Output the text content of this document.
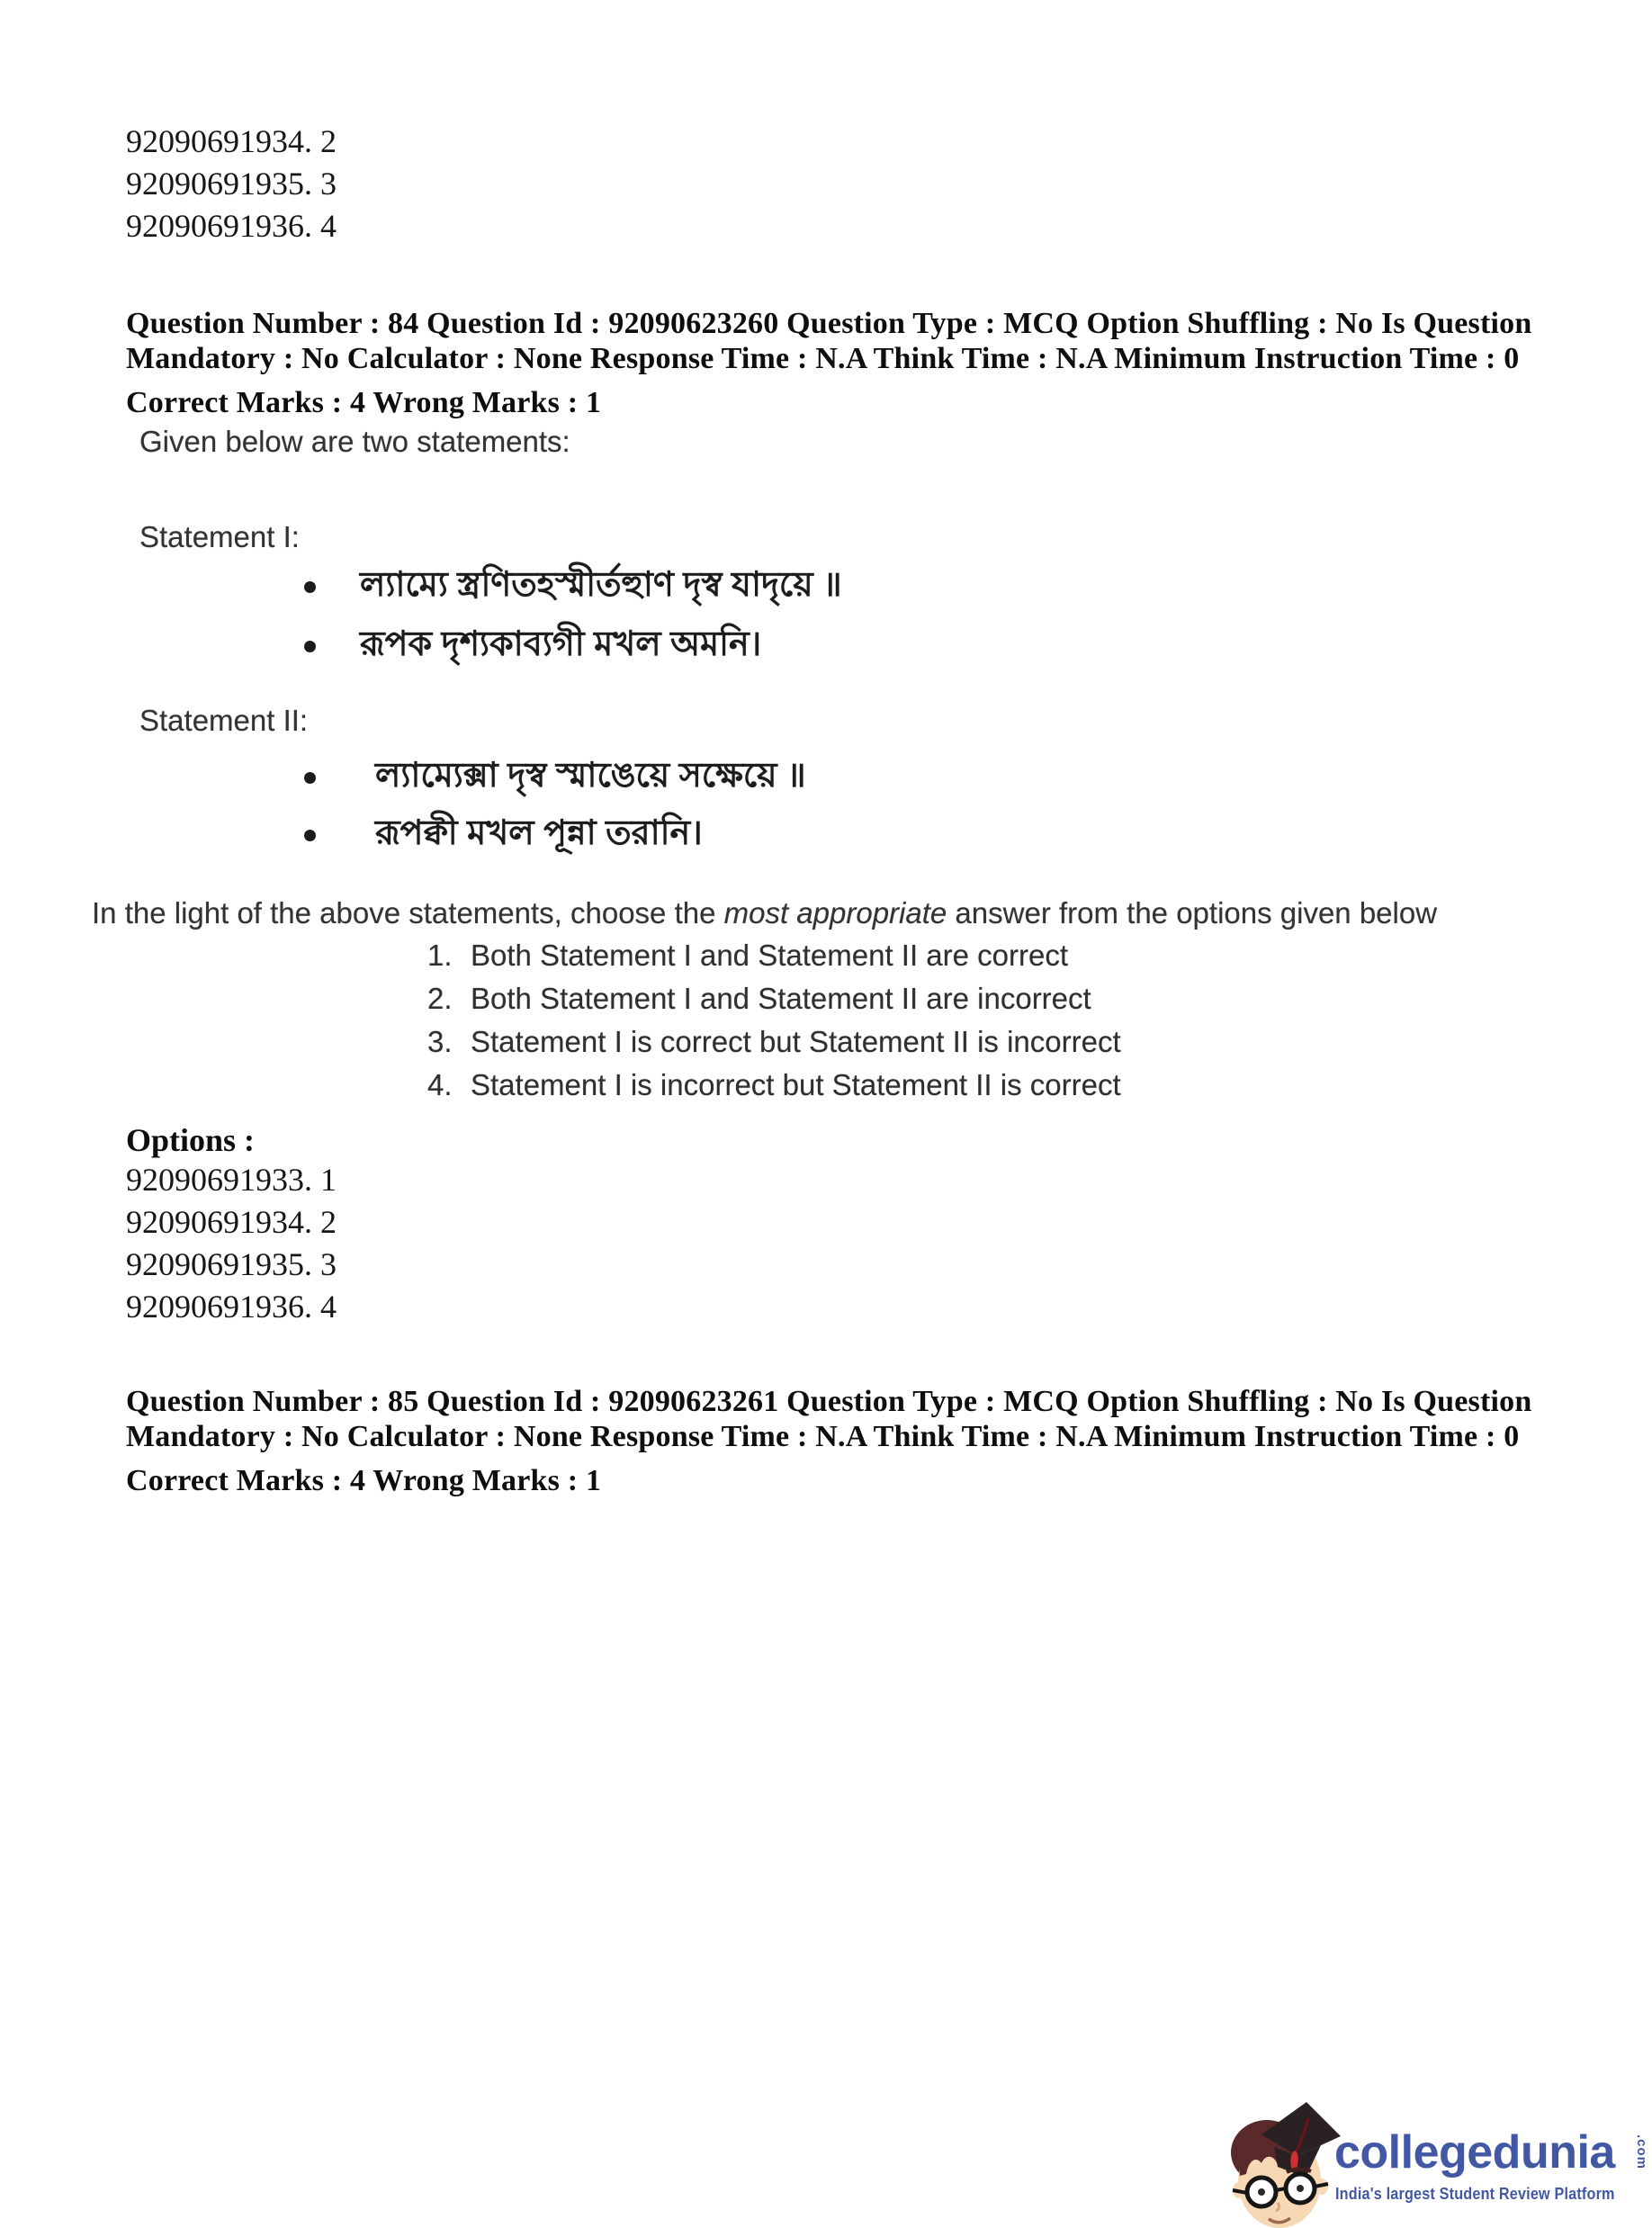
92090691934. 2
92090691935. 3
92090691936. 4
Question Number : 84 Question Id : 92090623260 Question Type : MCQ Option Shuffling : No Is Question
Mandatory : No Calculator : None Response Time : N.A Think Time : N.A Minimum Instruction Time : 0
Correct Marks : 4 Wrong Marks : 1
Given below are two statements:
Statement I:
ল্যাম্যে স্ত্রণিতহস্মীর্তহুাণ দৃস্ব যাদৃয়ে ॥
রূপক দৃশ্যকাব্যগী মখল অমনি।
Statement II:
ল্যাম্যেক্সা দৃস্ব স্মাঙেয়ে সক্ষেয়ে ॥
রূপক্বী মখল পূন্না তরানি।
In the light of the above statements, choose the most appropriate answer from the options given below
1. Both Statement I and Statement II are correct
2. Both Statement I and Statement II are incorrect
3. Statement I is correct but Statement II is incorrect
4. Statement I is incorrect but Statement II is correct
Options :
92090691933. 1
92090691934. 2
92090691935. 3
92090691936. 4
Question Number : 85 Question Id : 92090623261 Question Type : MCQ Option Shuffling : No Is Question
Mandatory : No Calculator : None Response Time : N.A Think Time : N.A Minimum Instruction Time : 0
Correct Marks : 4 Wrong Marks : 1
collegedunia .com
India's largest Student Review Platform
